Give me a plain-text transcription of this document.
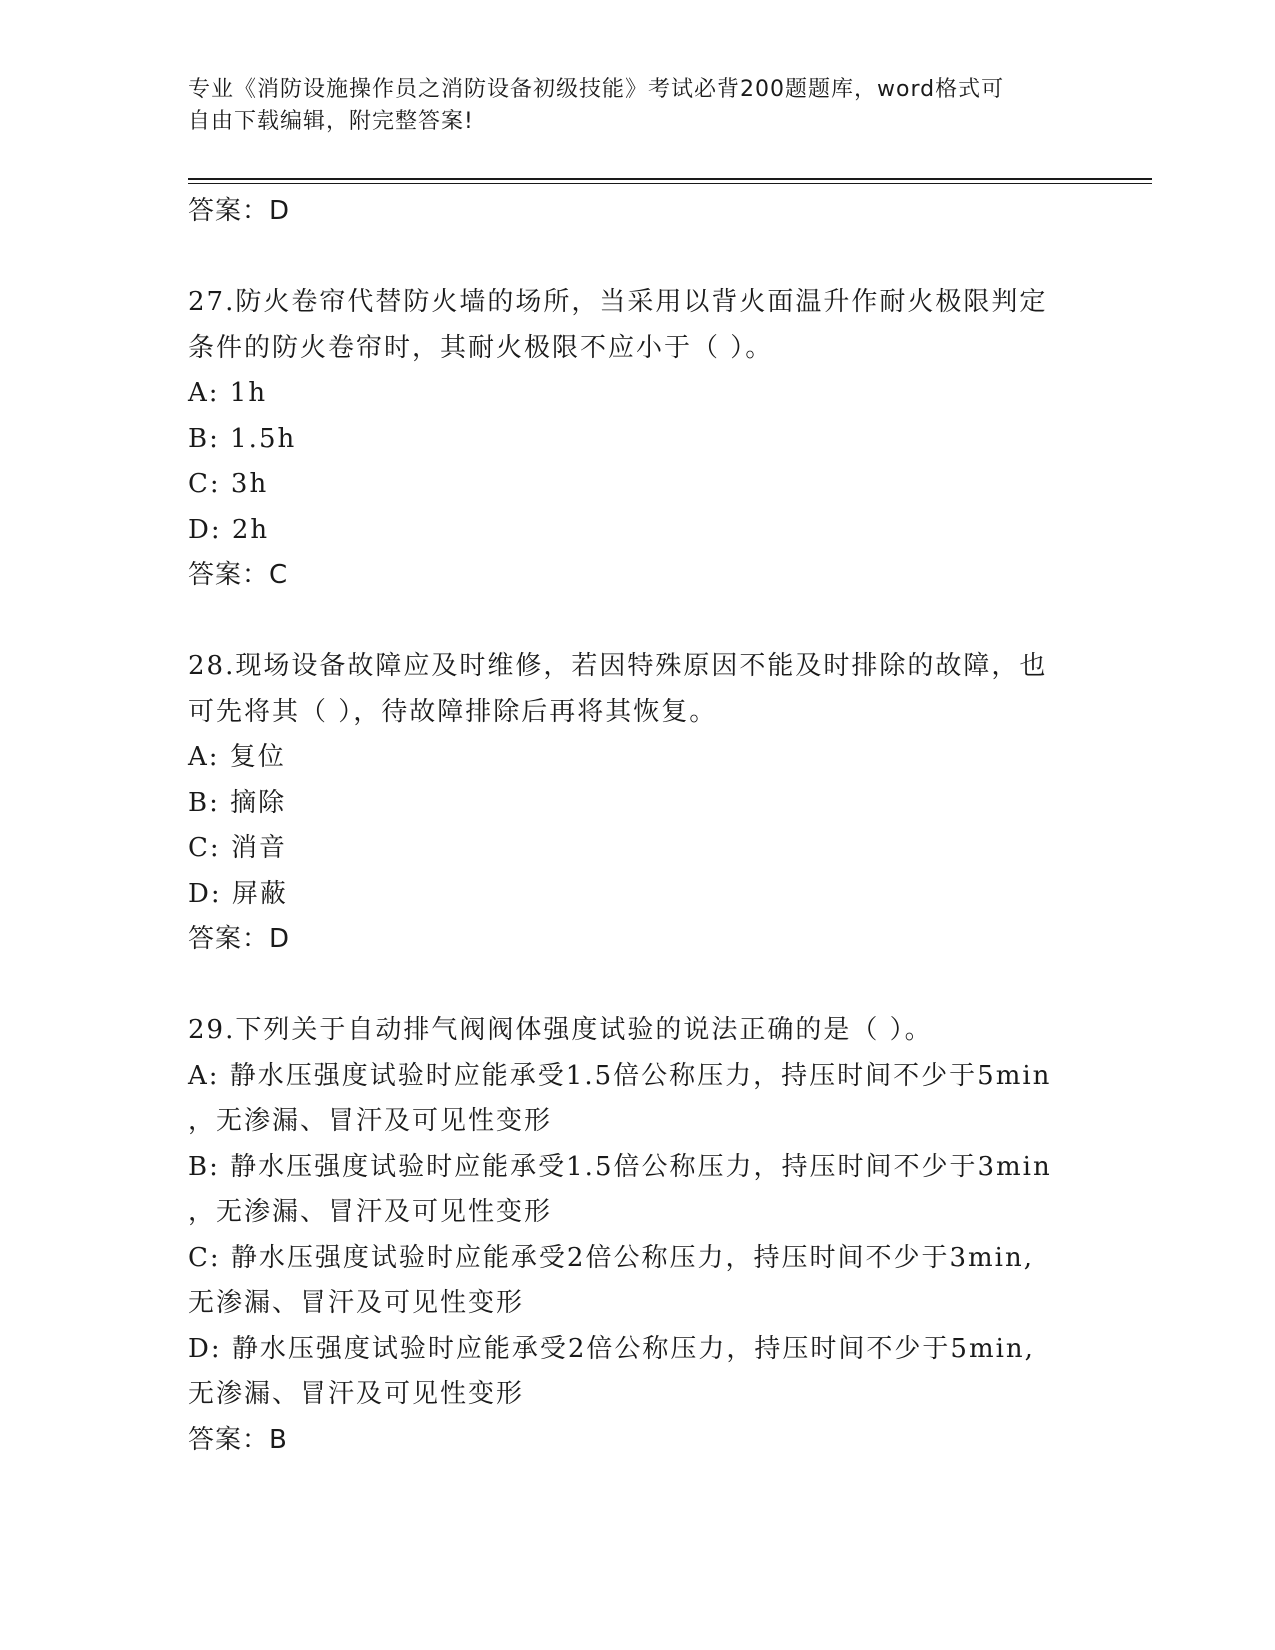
专业《消防设施操作员之消防设备初级技能》考试必背200题题库，word格式可
自由下载编辑，附完整答案!
答案：D
27.防火卷帘代替防火墙的场所，当采用以背火面温升作耐火极限判定
条件的防火卷帘时，其耐火极限不应小于（ ）。
A: 1h
B: 1.5h
C: 3h
D: 2h
答案：C
28.现场设备故障应及时维修，若因特殊原因不能及时排除的故障，也
可先将其（ ），待故障排除后再将其恢复。
A: 复位
B: 摘除
C: 消音
D: 屏蔽
答案：D
29.下列关于自动排气阀阀体强度试验的说法正确的是（ ）。
A: 静水压强度试验时应能承受1.5倍公称压力，持压时间不少于5min
，无渗漏、冒汗及可见性变形
B: 静水压强度试验时应能承受1.5倍公称压力，持压时间不少于3min
，无渗漏、冒汗及可见性变形
C: 静水压强度试验时应能承受2倍公称压力，持压时间不少于3min,
无渗漏、冒汗及可见性变形
D: 静水压强度试验时应能承受2倍公称压力，持压时间不少于5min,
无渗漏、冒汗及可见性变形
答案：B
